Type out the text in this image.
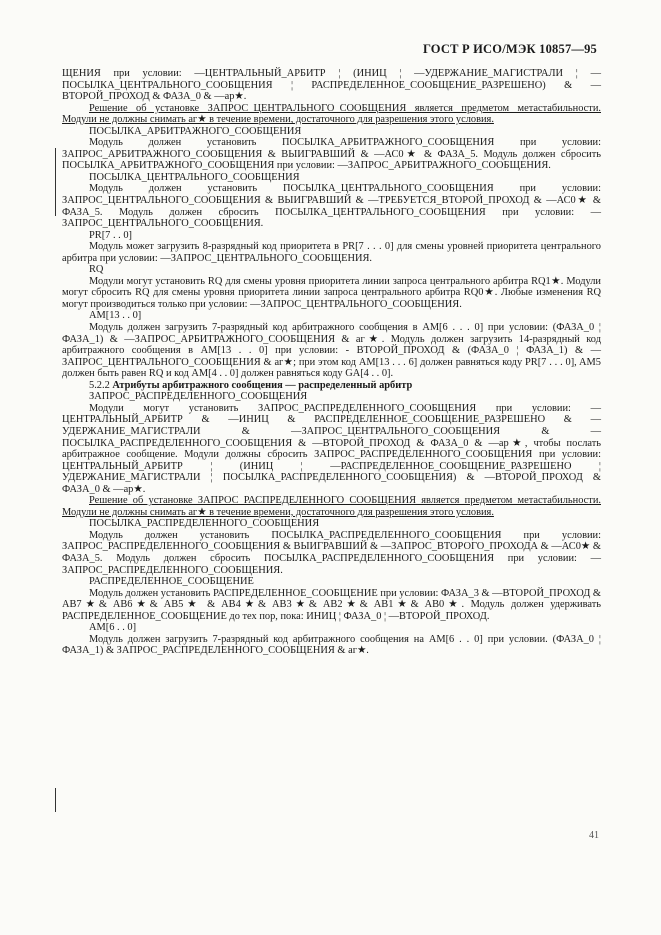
ГОСТ Р ИСО/МЭК 10857—95

ЩЕНИЯ при условии: —ЦЕНТРАЛЬНЫЙ_АРБИТР ¦ (ИНИЦ ¦ —УДЕРЖАНИЕ_МАГИСТРАЛИ ¦ —ПОСЫЛКА_ЦЕНТРАЛЬНОГО_СООБЩЕНИЯ ¦ РАСПРЕДЕЛЕННОЕ_СООБЩЕНИЕ_РАЗРЕШЕНО) & —ВТОРОЙ_ПРОХОД & ФАЗА_0 & —ар★.

Решение об установке ЗАПРОС_ЦЕНТРАЛЬНОГО_СООБЩЕНИЯ является предметом метастабильности. Модули не должны снимать аг★ в течение времени, достаточного для разрешения этого условия.

ПОСЫЛКА_АРБИТРАЖНОГО_СООБЩЕНИЯ

Модуль должен установить ПОСЫЛКА_АРБИТРАЖНОГО_СООБЩЕНИЯ при условии: ЗАПРОС_АРБИТРАЖНОГО_СООБЩЕНИЯ & ВЫИГРАВШИЙ & —АС0★ & ФАЗА_5. Модуль должен сбросить ПОСЫЛКА_АРБИТРАЖНОГО_СООБЩЕНИЯ при условии: —ЗАПРОС_АРБИТРАЖНОГО_СООБЩЕНИЯ.

ПОСЫЛКА_ЦЕНТРАЛЬНОГО_СООБЩЕНИЯ

Модуль должен установить ПОСЫЛКА_ЦЕНТРАЛЬНОГО_СООБЩЕНИЯ при условии: ЗАПРОС_ЦЕНТРАЛЬНОГО_СООБЩЕНИЯ & ВЫИГРАВШИЙ & —ТРЕБУЕТСЯ_ВТОРОЙ_ПРОХОД & —АС0★ & ФАЗА_5. Модуль должен сбросить ПОСЫЛКА_ЦЕНТРАЛЬНОГО_СООБЩЕНИЯ при условии: —ЗАПРОС_ЦЕНТРАЛЬНОГО_СООБЩЕНИЯ.

PR[7 . . 0]

Модуль может загрузить 8-разрядный код приоритета в PR[7 . . . 0] для смены уровней приоритета центрального арбитра при условии: —ЗАПРОС_ЦЕНТРАЛЬНОГО_СООБЩЕНИЯ.

RQ

Модули могут установить RQ для смены уровня приоритета линии запроса центрального арбитра RQ1★. Модули могут сбросить RQ для смены уровня приоритета линии запроса центрального арбитра RQ0★. Любые изменения RQ могут производиться только при условии: —ЗАПРОС_ЦЕНТРАЛЬНОГО_СООБЩЕНИЯ.

AM[13 . . 0]

Модуль должен загрузить 7-разрядный код арбитражного сообщения в AM[6 . . . 0] при условии: (ФАЗА_0 ¦ ФАЗА_1) & —ЗАПРОС_АРБИТРАЖНОГО_СООБЩЕНИЯ & аг★. Модуль должен загрузить 14-разрядный код арбитражного сообщения в AM[13 . . 0] при условии: - ВТОРОЙ_ПРОХОД & (ФАЗА_0 ¦ ФАЗА_1) & —ЗАПРОС_ЦЕНТРАЛЬНОГО_СООБЩЕНИЯ & аг★; при этом код AM[13 . . . 6] должен равняться коду PR[7 . . . 0], AM5 должен быть равен RQ и код AM[4 . . 0] должен равняться коду GA[4 . . 0].

5.2.2 Атрибуты арбитражного сообщения — распределенный арбитр

ЗАПРОС_РАСПРЕДЕЛЕННОГО_СООБЩЕНИЯ

Модули могут установить ЗАПРОС_РАСПРЕДЕЛЕННОГО_СООБЩЕНИЯ при условии: —ЦЕНТРАЛЬНЫЙ_АРБИТР & —ИНИЦ & РАСПРЕДЕЛЕННОЕ_СООБЩЕНИЕ_РАЗРЕШЕНО & —УДЕРЖАНИЕ_МАГИСТРАЛИ & —ЗАПРОС_ЦЕНТРАЛЬНОГО_СООБЩЕНИЯ & —ПОСЫЛКА_РАСПРЕДЕЛЕННОГО_СООБЩЕНИЯ & —ВТОРОЙ_ПРОХОД & ФАЗА_0 & —ар★, чтобы послать арбитражное сообщение. Модули должны сбросить ЗАПРОС_РАСПРЕДЕЛЕННОГО_СООБЩЕНИЯ при условии: ЦЕНТРАЛЬНЫЙ_АРБИТР ¦ (ИНИЦ ¦ —РАСПРЕДЕЛЕННОЕ_СООБЩЕНИЕ_РАЗРЕШЕНО ¦ УДЕРЖАНИЕ_МАГИСТРАЛИ ¦ ПОСЫЛКА_РАСПРЕДЕЛЕННОГО_СООБЩЕНИЯ) & —ВТОРОЙ_ПРОХОД & ФАЗА_0 & —ар★.

Решение об установке ЗАПРОС_РАСПРЕДЕЛЕННОГО_СООБЩЕНИЯ является предметом метастабильности. Модули не должны снимать аг★ в течение времени, достаточного для разрешения этого условия.

ПОСЫЛКА_РАСПРЕДЕЛЕННОГО_СООБЩЕНИЯ

Модуль должен установить ПОСЫЛКА_РАСПРЕДЕЛЕННОГО_СООБЩЕНИЯ при условии: ЗАПРОС_РАСПРЕДЕЛЕННОГО_СООБЩЕНИЯ & ВЫИГРАВШИЙ & —ЗАПРОС_ВТОРОГО_ПРОХОДА & —АС0★ & ФАЗА_5. Модуль должен сбросить ПОСЫЛКА_РАСПРЕДЕЛЕННОГО_СООБЩЕНИЯ при условии: —ЗАПРОС_РАСПРЕДЕЛЕННОГО_СООБЩЕНИЯ.

РАСПРЕДЕЛЕННОЕ_СООБЩЕНИЕ

Модуль должен установить РАСПРЕДЕЛЕННОЕ_СООБЩЕНИЕ при условии: ФАЗА_3 & —ВТОРОЙ_ПРОХОД & AB7★& AB6★& AB5★ & AB4★& AB3★& AB2★& AB1★& AB0★. Модуль должен удерживать РАСПРЕДЕЛЕННОЕ_СООБЩЕНИЕ до тех пор, пока: ИНИЦ ¦ ФАЗА_0 ¦ —ВТОРОЙ_ПРОХОД.

AM[6 . . 0]

Модуль должен загрузить 7-разрядный код арбитражного сообщения на AM[6 . . 0] при условии. (ФАЗА_0 ¦ ФАЗА_1) & ЗАПРОС_РАСПРЕДЕЛЕННОГО_СООБЩЕНИЯ & аг★.

41
